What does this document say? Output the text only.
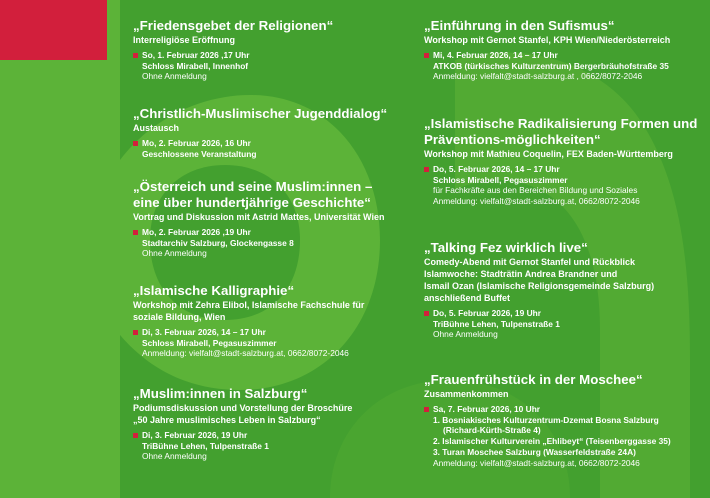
„Friedensgebet der Religionen“
Interreligiöse Eröffnung
So, 1. Februar 2026 ,17 Uhr
Schloss Mirabell, Innenhof
Ohne Anmeldung
„Christlich-Muslimischer Jugenddialog“
Austausch
Mo, 2. Februar 2026, 16 Uhr
Geschlossene Veranstaltung
„Österreich und seine Muslim:innen –
eine über hundertjährige Geschichte“
Vortrag und Diskussion mit Astrid Mattes, Universität Wien
Mo, 2. Februar 2026 ,19 Uhr
Stadtarchiv Salzburg, Glockengasse 8
Ohne Anmeldung
„Islamische Kalligraphie“
Workshop mit Zehra Elibol, Islamische Fachschule für
soziale Bildung, Wien
Di, 3. Februar 2026, 14 – 17 Uhr
Schloss Mirabell, Pegasuszimmer
Anmeldung: vielfalt@stadt-salzburg.at, 0662/8072-2046
„Muslim:innen in Salzburg“
Podiumsdiskussion und Vorstellung der Broschüre
„50 Jahre muslimisches Leben in Salzburg“
Di, 3. Februar 2026, 19 Uhr
TriBühne Lehen, Tulpenstraße 1
Ohne Anmeldung
„Einführung in den Sufismus“
Workshop mit Gernot Stanfel, KPH Wien/Niederösterreich
Mi, 4. Februar 2026, 14 – 17 Uhr
ATKOB (türkisches Kulturzentrum) Bergerbräuhofstraße 35
Anmeldung: vielfalt@stadt-salzburg.at , 0662/8072-2046
„Islamistische Radikalisierung Formen und
Präventions-möglichkeiten“
Workshop mit Mathieu Coquelin, FEX Baden-Württemberg
Do, 5. Februar 2026, 14 – 17 Uhr
Schloss Mirabell, Pegasuszimmer
für Fachkräfte aus den Bereichen Bildung und Soziales
Anmeldung: vielfalt@stadt-salzburg.at, 0662/8072-2046
„Talking Fez wirklich live“
Comedy-Abend mit Gernot Stanfel und Rückblick
Islamwoche: Stadträtin Andrea Brandner und
Ismail Ozan (Islamische Religionsgemeinde Salzburg)
anschließend Buffet
Do, 5. Februar 2026, 19 Uhr
TriBühne Lehen, Tulpenstraße 1
Ohne Anmeldung
„Frauenfrühstück in der Moschee“
Zusammenkommen
Sa, 7. Februar 2026, 10 Uhr
1. Bosniakisches Kulturzentrum-Dzemat Bosna Salzburg
(Richard-Kürth-Straße 4)
2. Islamischer Kulturverein „Ehlibeyt“ (Teisenberggasse 35)
3. Turan Moschee Salzburg (Wasserfeldstraße 24A)
Anmeldung: vielfalt@stadt-salzburg.at, 0662/8072-2046
